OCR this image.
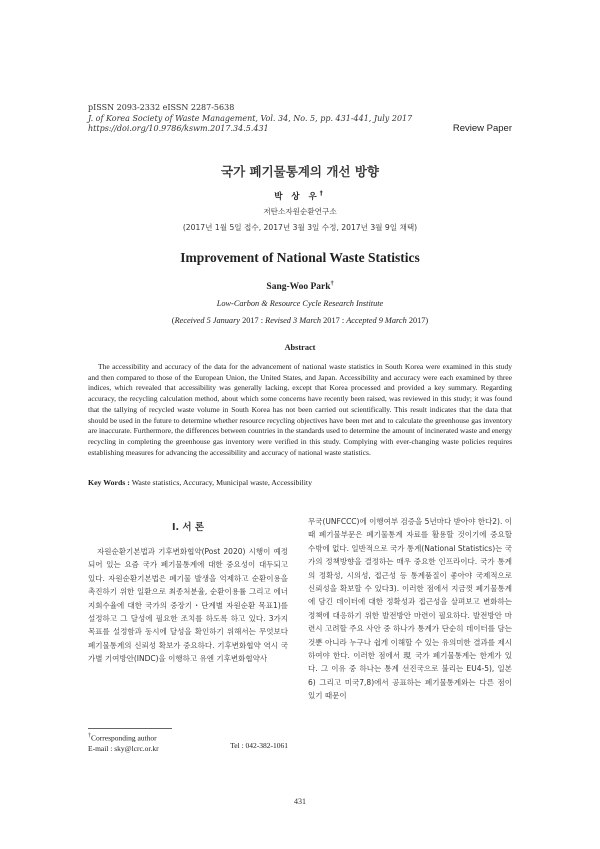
pISSN 2093-2332 eISSN 2287-5638
J. of Korea Society of Waste Management, Vol. 34, No. 5, pp. 431-441, July 2017
https://doi.org/10.9786/kswm.2017.34.5.431	Review Paper
국가 폐기물통계의 개선 방향
박 상 우†
저탄소자원순환연구소
(2017년 1월 5일 접수, 2017년 3월 3일 수정, 2017년 3월 9일 채택)
Improvement of National Waste Statistics
Sang-Woo Park†
Low-Carbon & Resource Cycle Research Institute
(Received 5 January 2017 : Revised 3 March 2017 : Accepted 9 March 2017)
Abstract
The accessibility and accuracy of the data for the advancement of national waste statistics in South Korea were examined in this study and then compared to those of the European Union, the United States, and Japan. Accessibility and accuracy were each examined by three indices, which revealed that accessibility was generally lacking, except that Korea processed and provided a key summary. Regarding accuracy, the recycling calculation method, about which some concerns have recently been raised, was reviewed in this study; it was found that the tallying of recycled waste volume in South Korea has not been carried out scientifically. This result indicates that the data that should be used in the future to determine whether resource recycling objectives have been met and to calculate the greenhouse gas inventory are inaccurate. Furthermore, the differences between countries in the standards used to determine the amount of incinerated waste and energy recycling in completing the greenhouse gas inventory were verified in this study. Complying with ever-changing waste policies requires establishing measures for advancing the accessibility and accuracy of national waste statistics.
Key Words : Waste statistics, Accuracy, Municipal waste, Accessibility
I. 서 론
자원순환기본법과 기후변화협약(Post 2020) 시행이 예정되어 있는 요즘 국가 폐기물통계에 대한 중요성이 대두되고 있다. 자원순환기본법은 폐기물 발생을 억제하고 순환이용을 촉진하기 위한 일환으로 최종처분율, 순환이용률 그리고 에너지회수율에 대한 국가의 중장기・단계별 자원순환 목표1)를 설정하고 그 달성에 필요한 조치를 하도록 하고 있다. 3가지 목표를 설정함과 동시에 달성을 확인하기 위해서는 무엇보다 폐기물통계의 신뢰성 확보가 중요하다. 기후변화협약 역시 국가별 기여방안(INDC)을 이행하고 유엔 기후변화협약사
무국(UNFCCC)에 이행여부 검증을 5년마다 받아야 한다2). 이때 폐기물부문은 폐기물통계 자료를 활용할 것이기에 중요할 수밖에 없다. 일반적으로 국가 통계(National Statistics)는 국가의 정책방향을 결정하는 매우 중요한 인프라이다. 국가 통계의 정확성, 시의성, 접근성 등 통계품질이 좋아야 국제적으로 신뢰성을 확보할 수 있다3). 이러한 점에서 지금껏 폐기물통계에 담긴 데이터에 대한 정확성과 접근성을 살펴보고 변화하는 정책에 대응하기 위한 발전방안 마련이 필요하다. 발전방안 마련시 고려할 주요 사안 중 하나가 통계가 단순히 데이터를 담는 것뿐 아니라 누구나 쉽게 이해할 수 있는 유의미한 결과를 제시하여야 한다. 이러한 점에서 現 국가 폐기물통계는 한계가 있다. 그 이유 중 하나는 통계 선진국으로 불리는 EU4-5), 일본6) 그리고 미국7,8)에서 공표하는 폐기물통계와는 다른 점이 있기 때문이
†Corresponding author
E-mail : sky@lcrc.or.kr	Tel : 042-382-1061
431
